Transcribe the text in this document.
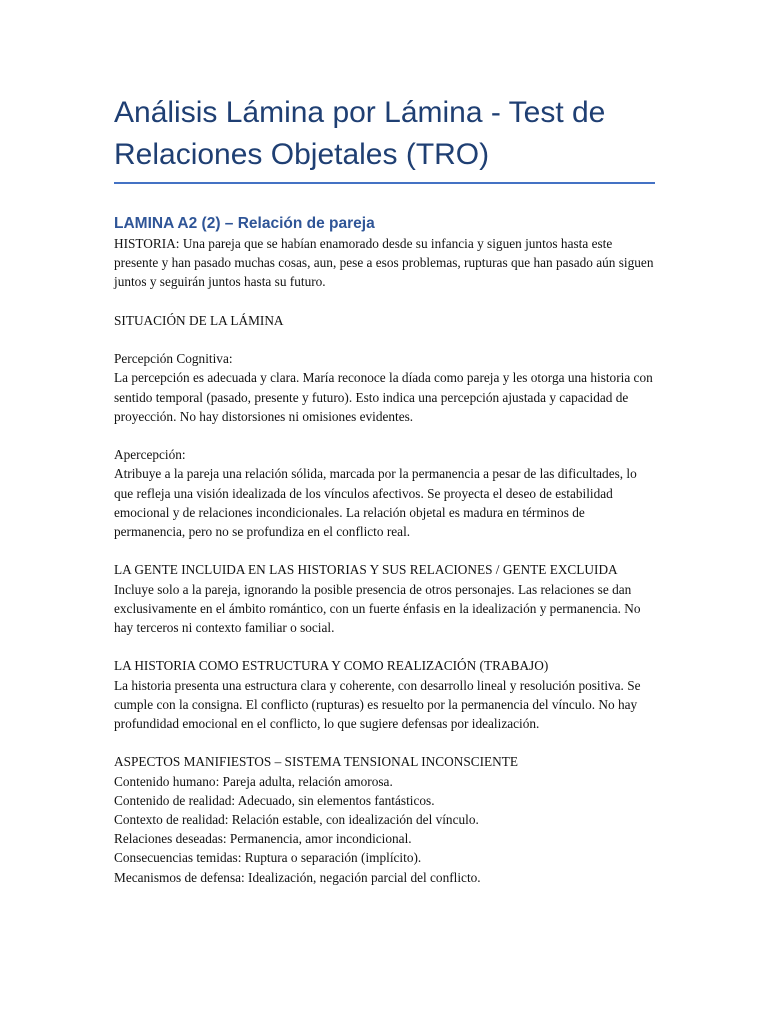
Análisis Lámina por Lámina - Test de Relaciones Objetales (TRO)
LAMINA A2 (2) – Relación de pareja

HISTORIA: Una pareja que se habían enamorado desde su infancia y siguen juntos hasta este presente y han pasado muchas cosas, aun, pese a esos problemas, rupturas que han pasado aún siguen juntos y seguirán juntos hasta su futuro.

SITUACIÓN DE LA LÁMINA

Percepción Cognitiva:

La percepción es adecuada y clara. María reconoce la díada como pareja y les otorga una historia con sentido temporal (pasado, presente y futuro). Esto indica una percepción ajustada y capacidad de proyección. No hay distorsiones ni omisiones evidentes.

Apercepción:

Atribuye a la pareja una relación sólida, marcada por la permanencia a pesar de las dificultades, lo que refleja una visión idealizada de los vínculos afectivos. Se proyecta el deseo de estabilidad emocional y de relaciones incondicionales. La relación objetal es madura en términos de permanencia, pero no se profundiza en el conflicto real.

LA GENTE INCLUIDA EN LAS HISTORIAS Y SUS RELACIONES / GENTE EXCLUIDA

Incluye solo a la pareja, ignorando la posible presencia de otros personajes. Las relaciones se dan exclusivamente en el ámbito romántico, con un fuerte énfasis en la idealización y permanencia. No hay terceros ni contexto familiar o social.

LA HISTORIA COMO ESTRUCTURA Y COMO REALIZACIÓN (TRABAJO)

La historia presenta una estructura clara y coherente, con desarrollo lineal y resolución positiva. Se cumple con la consigna. El conflicto (rupturas) es resuelto por la permanencia del vínculo. No hay profundidad emocional en el conflicto, lo que sugiere defensas por idealización.

ASPECTOS MANIFIESTOS – SISTEMA TENSIONAL INCONSCIENTE

Contenido humano: Pareja adulta, relación amorosa.
Contenido de realidad: Adecuado, sin elementos fantásticos.
Contexto de realidad: Relación estable, con idealización del vínculo.
Relaciones deseadas: Permanencia, amor incondicional.
Consecuencias temidas: Ruptura o separación (implícito).
Mecanismos de defensa: Idealización, negación parcial del conflicto.
